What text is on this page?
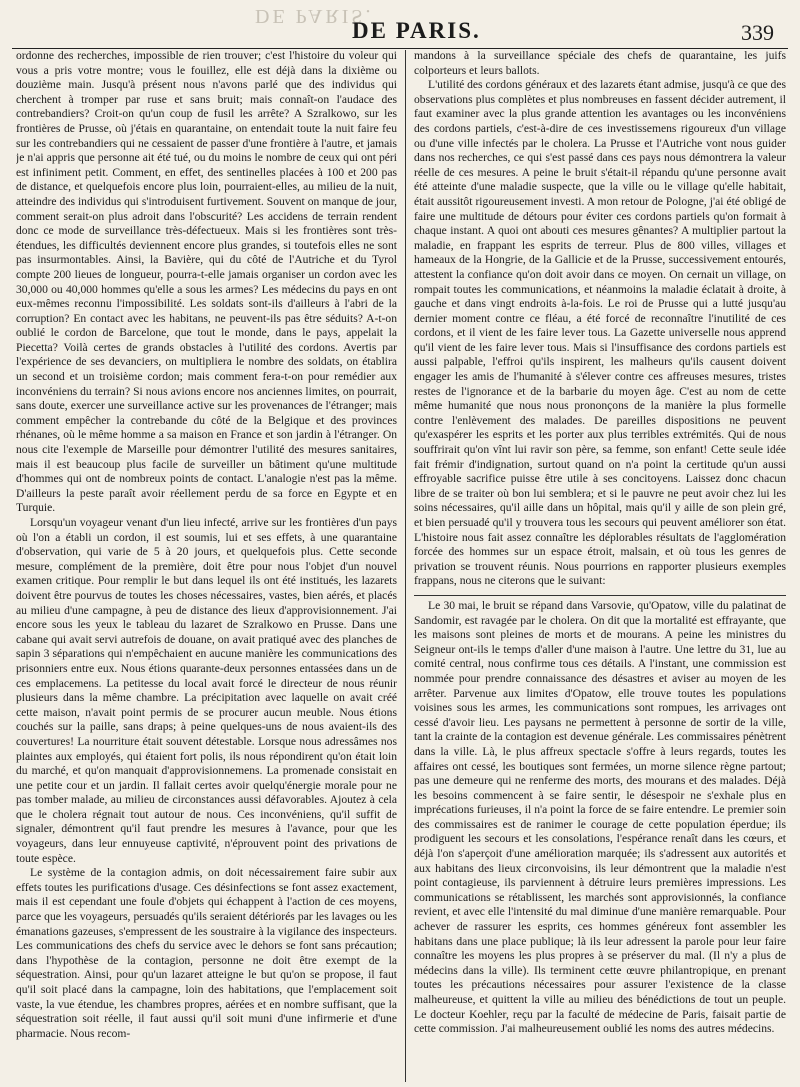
DE PARIS.
DE PARIS.	339

ordonne des recherches, impossible de rien trouver; c'est l'histoire du voleur qui vous a pris votre montre; vous le fouillez, elle est déjà dans la dixième ou douzième main. Jusqu'à présent nous n'avons parlé que des individus qui cherchent à tromper par ruse et sans bruit; mais connaît-on l'audace des contrebandiers? Croit-on qu'un coup de fusil les arrête? A Szralkowo, sur les frontières de Prusse, où j'étais en quarantaine, on entendait toute la nuit faire feu sur les contrebandiers qui ne cessaient de passer d'une frontière à l'autre, et jamais je n'ai appris que personne ait été tué, ou du moins le nombre de ceux qui ont péri est infiniment petit. Comment, en effet, des sentinelles placées à 100 et 200 pas de distance, et quelquefois encore plus loin, pourraient-elles, au milieu de la nuit, atteindre des individus qui s'introduisent furtivement. Souvent on manque de jour, comment serait-on plus adroit dans l'obscurité? Les accidens de terrain rendent donc ce mode de surveillance très-défectueux. Mais si les frontières sont très-étendues, les difficultés deviennent encore plus grandes, si toutefois elles ne sont pas insurmontables. Ainsi, la Bavière, qui du côté de l'Autriche et du Tyrol compte 200 lieues de longueur, pourra-t-elle jamais organiser un cordon avec les 30,000 ou 40,000 hommes qu'elle a sous les armes? Les médecins du pays en ont eux-mêmes reconnu l'impossibilité. Les soldats sont-ils d'ailleurs à l'abri de la corruption? En contact avec les habitans, ne peuvent-ils pas être séduits? A-t-on oublié le cordon de Barcelone, que tout le monde, dans le pays, appelait la Piecetta? Voilà certes de grands obstacles à l'utilité des cordons. Avertis par l'expérience de ses devanciers, on multipliera le nombre des soldats, on établira un second et un troisième cordon; mais comment fera-t-on pour remédier aux inconvéniens du terrain? Si nous avions encore nos anciennes limites, on pourrait, sans doute, exercer une surveillance active sur les provenances de l'étranger; mais comment empêcher la contrebande du côté de la Belgique et des provinces rhénanes, où le même homme a sa maison en France et son jardin à l'étranger. On nous cite l'exemple de Marseille pour démontrer l'utilité des mesures sanitaires, mais il est beaucoup plus facile de surveiller un bâtiment qu'une multitude d'hommes qui ont de nombreux points de contact. L'analogie n'est pas la même. D'ailleurs la peste paraît avoir réellement perdu de sa force en Egypte et en Turquie.

Lorsqu'un voyageur venant d'un lieu infecté, arrive sur les frontières d'un pays où l'on a établi un cordon, il est soumis, lui et ses effets, à une quarantaine d'observation, qui varie de 5 à 20 jours, et quelquefois plus. Cette seconde mesure, complément de la première, doit être pour nous l'objet d'un nouvel examen critique. Pour remplir le but dans lequel ils ont été institués, les lazarets doivent être pourvus de toutes les choses nécessaires, vastes, bien aérés, et placés au milieu d'une campagne, à peu de distance des lieux d'approvisionnement. J'ai encore sous les yeux le tableau du lazaret de Szralkowo en Prusse. Dans une cabane qui avait servi autrefois de douane, on avait pratiqué avec des planches de sapin 3 séparations qui n'empêchaient en aucune manière les communications des prisonniers entre eux. Nous étions quarante-deux personnes entassées dans un de ces emplacemens. La petitesse du local avait forcé le directeur de nous réunir plusieurs dans la même chambre. La précipitation avec laquelle on avait créé cette maison, n'avait point permis de se procurer aucun meuble. Nous étions couchés sur la paille, sans draps; à peine quelques-uns de nous avaient-ils des couvertures! La nourriture était souvent détestable. Lorsque nous adressâmes nos plaintes aux employés, qui étaient fort polis, ils nous répondirent qu'on était loin du marché, et qu'on manquait d'approvisionnemens. La promenade consistait en une petite cour et un jardin. Il fallait certes avoir quelqu'énergie morale pour ne pas tomber malade, au milieu de circonstances aussi défavorables. Ajoutez à cela que le cholera régnait tout autour de nous. Ces inconvéniens, qu'il suffit de signaler, démontrent qu'il faut prendre les mesures à l'avance, pour que les voyageurs, dans leur ennuyeuse captivité, n'éprouvent point des privations de toute espèce.

Le système de la contagion admis, on doit nécessairement faire subir aux effets toutes les purifications d'usage. Ces désinfections se font assez exactement, mais il est cependant une foule d'objets qui échappent à l'action de ces moyens, parce que les voyageurs, persuadés qu'ils seraient détériorés par les lavages ou les émanations gazeuses, s'empressent de les soustraire à la vigilance des inspecteurs. Les communications des chefs du service avec le dehors se font sans précaution; dans l'hypothèse de la contagion, personne ne doit être exempt de la séquestration. Ainsi, pour qu'un lazaret atteigne le but qu'on se propose, il faut qu'il soit placé dans la campagne, loin des habitations, que l'emplacement soit vaste, la vue étendue, les chambres propres, aérées et en nombre suffisant, que la séquestration soit réelle, il faut aussi qu'il soit muni d'une infirmerie et d'une pharmacie. Nous recom-

mandons à la surveillance spéciale des chefs de quarantaine, les juifs colporteurs et leurs ballots.

L'utilité des cordons généraux et des lazarets étant admise, jusqu'à ce que des observations plus complètes et plus nombreuses en fassent décider autrement, il faut examiner avec la plus grande attention les avantages ou les inconvéniens des cordons partiels, c'est-à-dire de ces investissemens rigoureux d'un village ou d'une ville infectés par le cholera. La Prusse et l'Autriche vont nous guider dans nos recherches, ce qui s'est passé dans ces pays nous démontrera la valeur réelle de ces mesures. A peine le bruit s'était-il répandu qu'une personne avait été atteinte d'une maladie suspecte, que la ville ou le village qu'elle habitait, était aussitôt rigoureusement investi. A mon retour de Pologne, j'ai été obligé de faire une multitude de détours pour éviter ces cordons partiels qu'on formait à chaque instant. A quoi ont abouti ces mesures gênantes? A multiplier partout la maladie, en frappant les esprits de terreur. Plus de 800 villes, villages et hameaux de la Hongrie, de la Gallicie et de la Prusse, successivement entourés, attestent la confiance qu'on doit avoir dans ce moyen. On cernait un village, on rompait toutes les communications, et néanmoins la maladie éclatait à droite, à gauche et dans vingt endroits à-la-fois. Le roi de Prusse qui a lutté jusqu'au dernier moment contre ce fléau, a été forcé de reconnaître l'inutilité de ces cordons, et il vient de les faire lever tous. La Gazette universelle nous apprend qu'il vient de les faire lever tous. Mais si l'insuffisance des cordons partiels est aussi palpable, l'effroi qu'ils inspirent, les malheurs qu'ils causent doivent engager les amis de l'humanité à s'élever contre ces affreuses mesures, tristes restes de l'ignorance et de la barbarie du moyen âge. C'est au nom de cette même humanité que nous nous prononçons de la manière la plus formelle contre l'enlèvement des malades. De pareilles dispositions ne peuvent qu'exaspérer les esprits et les porter aux plus terribles extrémités. Qui de nous souffrirait qu'on vînt lui ravir son père, sa femme, son enfant! Cette seule idée fait frémir d'indignation, surtout quand on n'a point la certitude qu'un aussi effroyable sacrifice puisse être utile à ses concitoyens. Laissez donc chacun libre de se traiter où bon lui semblera; et si le pauvre ne peut avoir chez lui les soins nécessaires, qu'il aille dans un hôpital, mais qu'il y aille de son plein gré, et bien persuadé qu'il y trouvera tous les secours qui peuvent améliorer son état. L'histoire nous fait assez connaître les déplorables résultats de l'agglomération forcée des hommes sur un espace étroit, malsain, et où tous les genres de privation se trouvent réunis. Nous pourrions en rapporter plusieurs exemples frappans, nous ne citerons que le suivant:

Le 30 mai, le bruit se répand dans Varsovie, qu'Opatow, ville du palatinat de Sandomir, est ravagée par le cholera. On dit que la mortalité est effrayante, que les maisons sont pleines de morts et de mourans. A peine les ministres du Seigneur ont-ils le temps d'aller d'une maison à l'autre. Une lettre du 31, lue au comité central, nous confirme tous ces détails. A l'instant, une commission est nommée pour prendre connaissance des désastres et aviser au moyen de les arrêter. Parvenue aux limites d'Opatow, elle trouve toutes les populations voisines sous les armes, les communications sont rompues, les arrivages ont cessé d'avoir lieu. Les paysans ne permettent à personne de sortir de la ville, tant la crainte de la contagion est devenue générale. Les commissaires pénètrent dans la ville. Là, le plus affreux spectacle s'offre à leurs regards, toutes les affaires ont cessé, les boutiques sont fermées, un morne silence règne partout; pas une demeure qui ne renferme des morts, des mourans et des malades. Déjà les besoins commencent à se faire sentir, le désespoir ne s'exhale plus en imprécations furieuses, il n'a point la force de se faire entendre. Le premier soin des commissaires est de ranimer le courage de cette population éperdue; ils prodiguent les secours et les consolations, l'espérance renaît dans les cœurs, et déjà l'on s'aperçoit d'une amélioration marquée; ils s'adressent aux autorités et aux habitans des lieux circonvoisins, ils leur démontrent que la maladie n'est point contagieuse, ils parviennent à détruire leurs premières impressions. Les communications se rétablissent, les marchés sont approvisionnés, la confiance revient, et avec elle l'intensité du mal diminue d'une manière remarquable. Pour achever de rassurer les esprits, ces hommes généreux font assembler les habitans dans une place publique; là ils leur adressent la parole pour leur faire connaître les moyens les plus propres à se préserver du mal. (Il n'y a plus de médecins dans la ville). Ils terminent cette œuvre philantropique, en prenant toutes les précautions nécessaires pour assurer l'existence de la classe malheureuse, et quittent la ville au milieu des bénédictions de tout un peuple. Le docteur Koehler, reçu par la faculté de médecine de Paris, faisait partie de cette commission. J'ai malheureusement oublié les noms des autres médecins.
